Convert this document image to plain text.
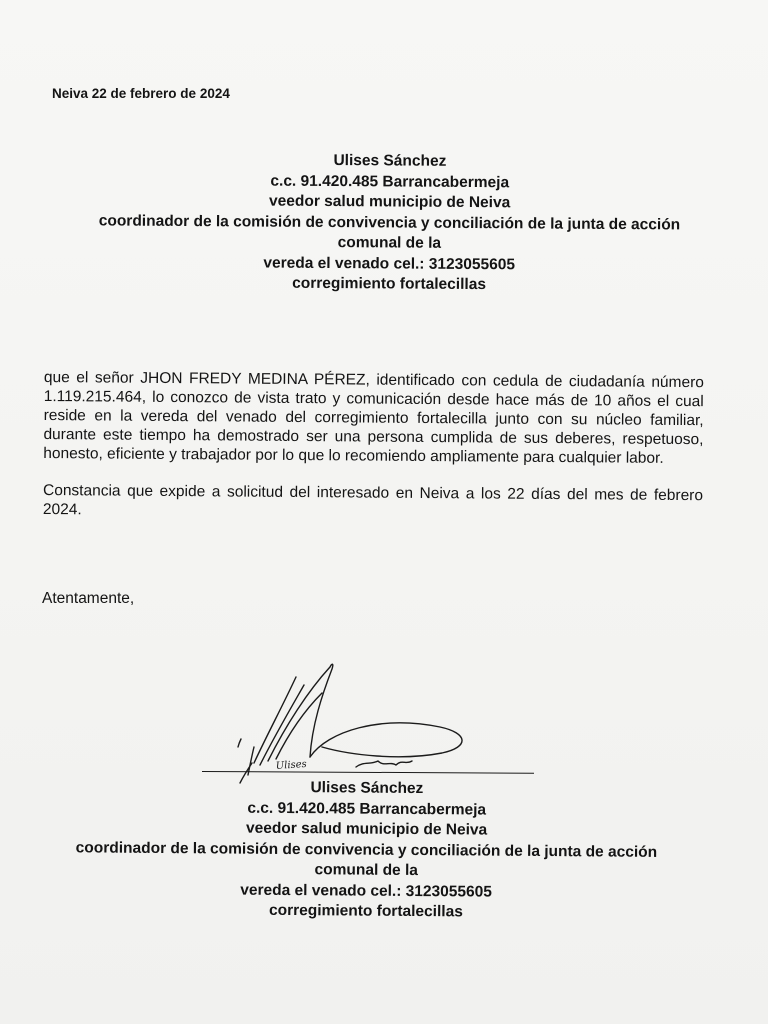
Neiva 22 de febrero de 2024
Ulises Sánchez
c.c. 91.420.485 Barrancabermeja
veedor salud municipio de Neiva
coordinador de la comisión de convivencia y conciliación de la junta de acción
comunal de la
vereda el venado cel.: 3123055605
corregimiento fortalecillas

que el señor JHON FREDY MEDINA PÉREZ, identificado con cedula de ciudadanía número 1.119.215.464, lo conozco de vista trato y comunicación desde hace más de 10 años el cual reside en la vereda del venado del corregimiento fortalecilla junto con su núcleo familiar, durante este tiempo ha demostrado ser una persona cumplida de sus deberes, respetuoso, honesto, eficiente y trabajador por lo que lo recomiendo ampliamente para cualquier labor.

Constancia que expide a solicitud del interesado en Neiva a los 22 días del mes de febrero 2024.

Atentamente,
Ulises
Ulises Sánchez
c.c. 91.420.485 Barrancabermeja
veedor salud municipio de Neiva
coordinador de la comisión de convivencia y conciliación de la junta de acción
comunal de la
vereda el venado cel.: 3123055605
corregimiento fortalecillas
